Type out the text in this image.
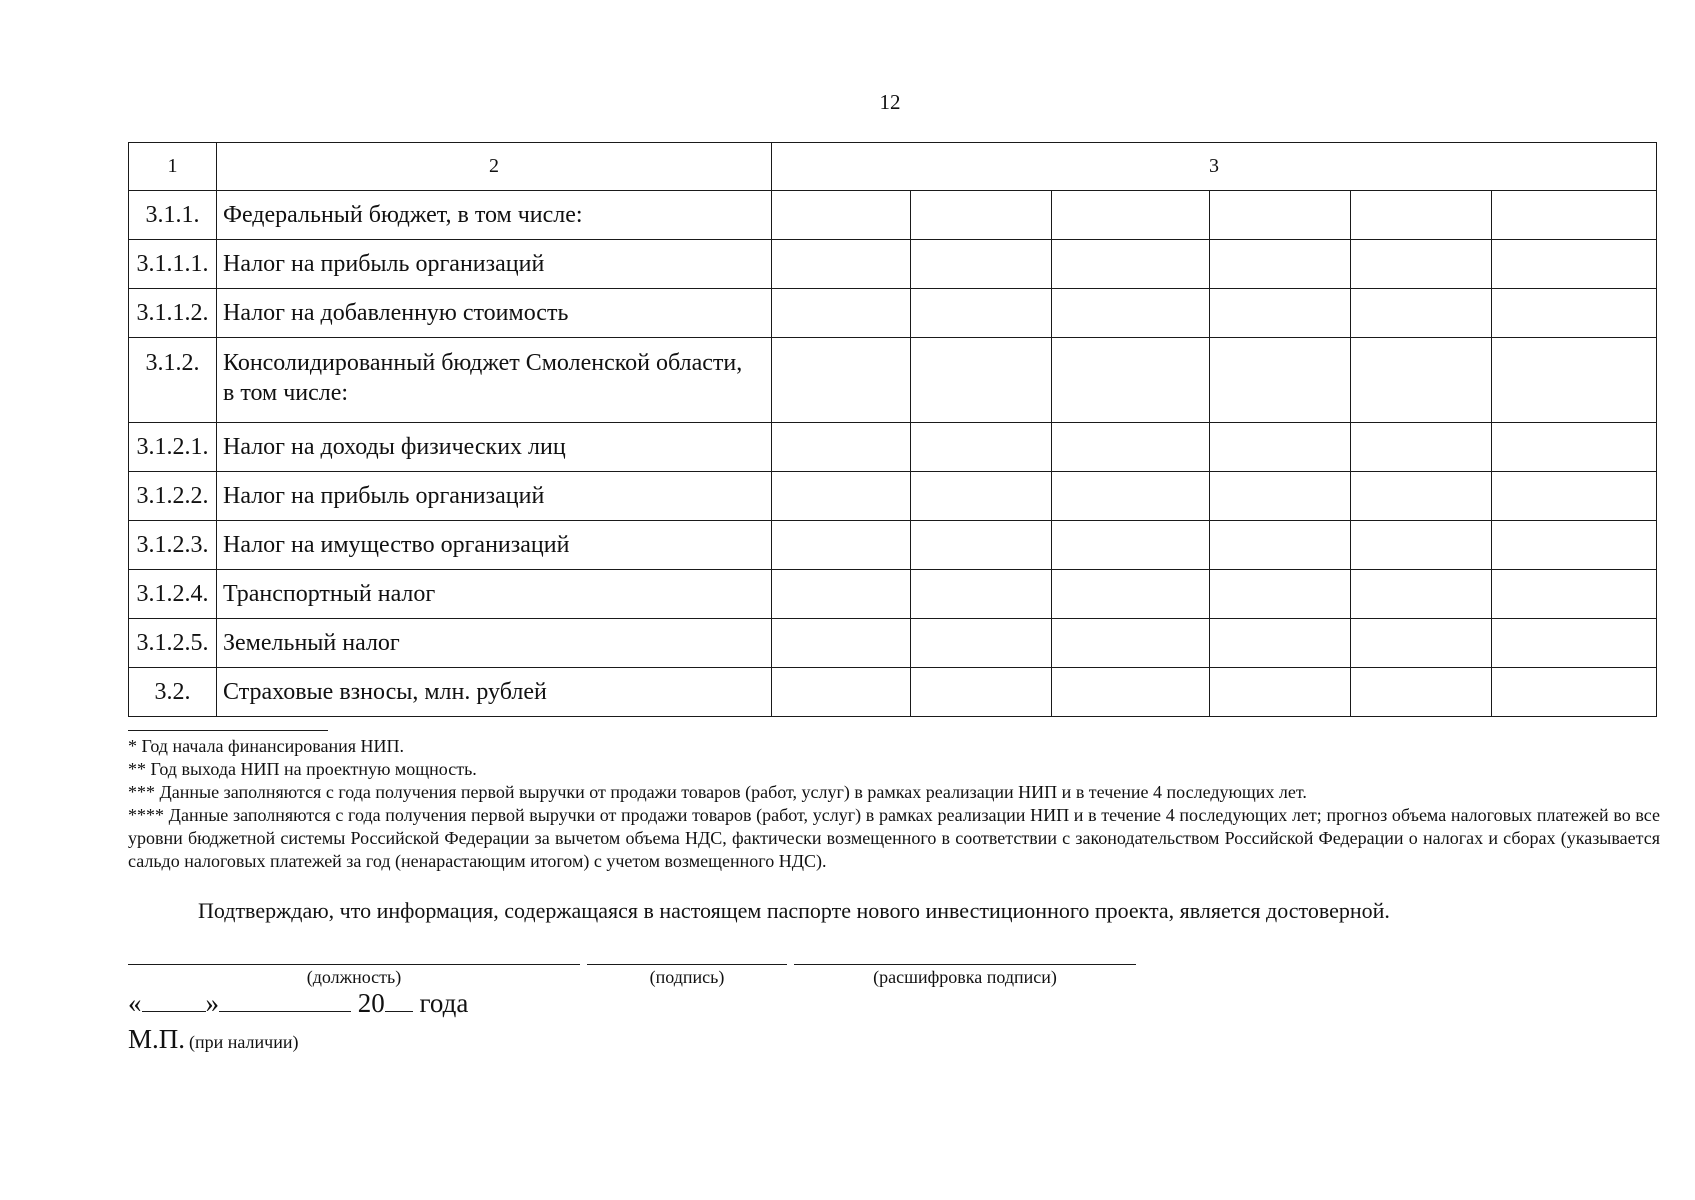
12
1	2	3					
3.1.1.	Федеральный бюджет, в том числе:						
3.1.1.1.	Налог на прибыль организаций						
3.1.1.2.	Налог на добавленную стоимость						
3.1.2.	Консолидированный бюджет Смоленской области,
в том числе:						
3.1.2.1.	Налог на доходы физических лиц						
3.1.2.2.	Налог на прибыль организаций						
3.1.2.3.	Налог на имущество организаций						
3.1.2.4.	Транспортный налог						
3.1.2.5.	Земельный налог						
3.2.	Страховые взносы, млн. рублей						

* Год начала финансирования НИП.

** Год выхода НИП на проектную мощность.

*** Данные заполняются с года получения первой выручки от продажи товаров (работ, услуг) в рамках реализации НИП и в течение 4 последующих лет.

**** Данные заполняются с года получения первой выручки от продажи товаров (работ, услуг) в рамках реализации НИП и в течение 4 последующих лет; прогноз объема налоговых платежей во все уровни бюджетной системы Российской Федерации за вычетом объема НДС, фактически возмещенного в соответствии с законодательством Российской Федерации о налогах и сборах (указывается сальдо налоговых платежей за год (ненарастающим итогом) с учетом возмещенного НДС).

Подтверждаю, что информация, содержащаяся в настоящем паспорте нового инвестиционного проекта, является достоверной.
(должность)	(подпись)	(расшифровка подписи)
« »	20 года
М.П. (при наличии)
